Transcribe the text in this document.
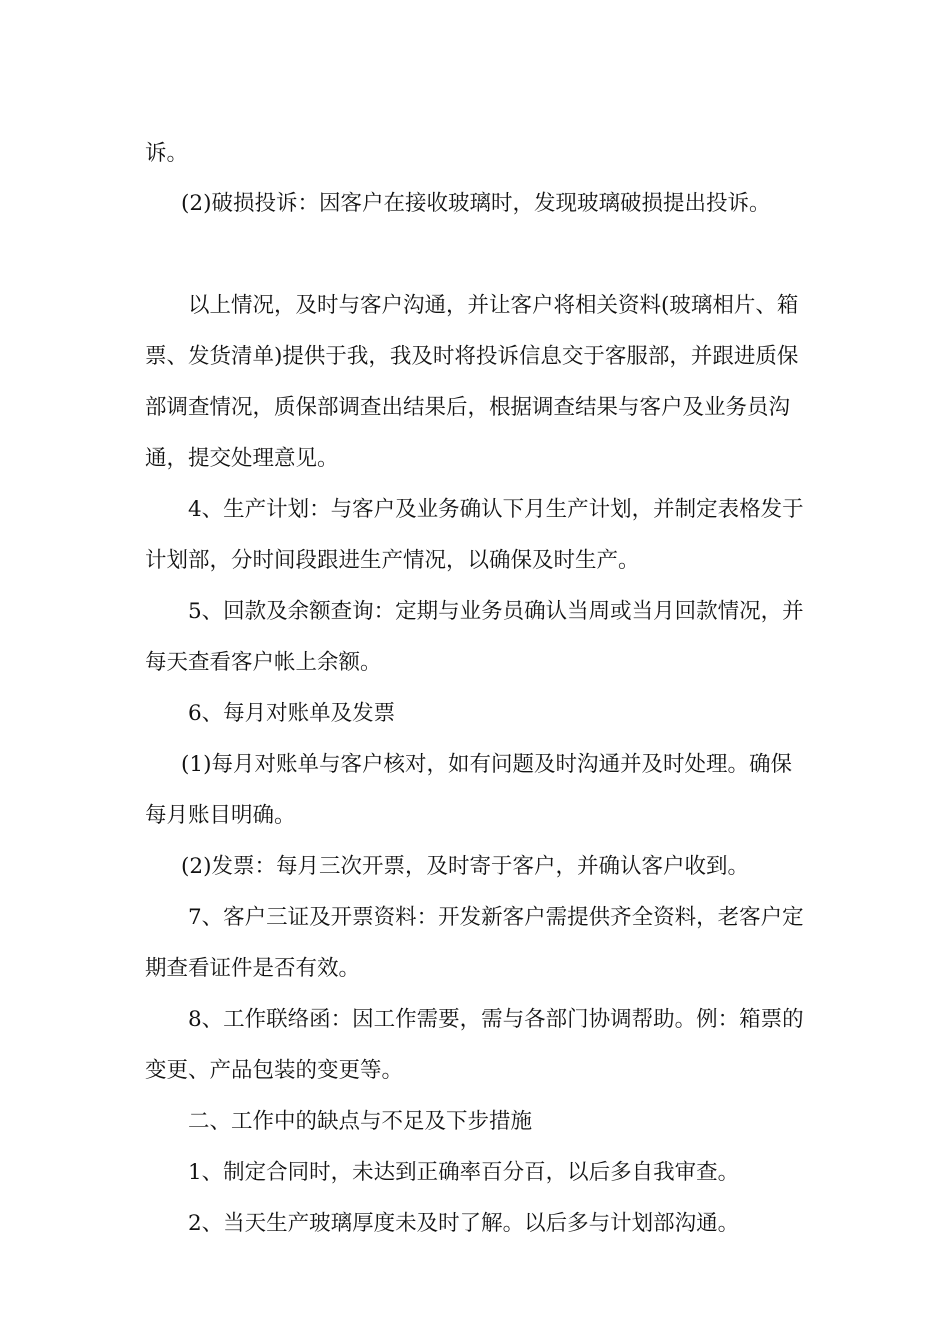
诉。

(2)破损投诉：因客户在接收玻璃时，发现玻璃破损提出投诉。

以上情况，及时与客户沟通，并让客户将相关资料(玻璃相片、箱票、发货清单)提供于我，我及时将投诉信息交于客服部，并跟进质保部调查情况，质保部调查出结果后，根据调查结果与客户及业务员沟通，提交处理意见。

4、生产计划：与客户及业务确认下月生产计划，并制定表格发于计划部，分时间段跟进生产情况，以确保及时生产。

5、回款及余额查询：定期与业务员确认当周或当月回款情况，并每天查看客户帐上余额。

6、每月对账单及发票

(1)每月对账单与客户核对，如有问题及时沟通并及时处理。确保每月账目明确。

(2)发票：每月三次开票，及时寄于客户，并确认客户收到。

7、客户三证及开票资料：开发新客户需提供齐全资料，老客户定期查看证件是否有效。

8、工作联络函：因工作需要，需与各部门协调帮助。例：箱票的变更、产品包装的变更等。

二、工作中的缺点与不足及下步措施

1、制定合同时，未达到正确率百分百，以后多自我审查。

2、当天生产玻璃厚度未及时了解。以后多与计划部沟通。
